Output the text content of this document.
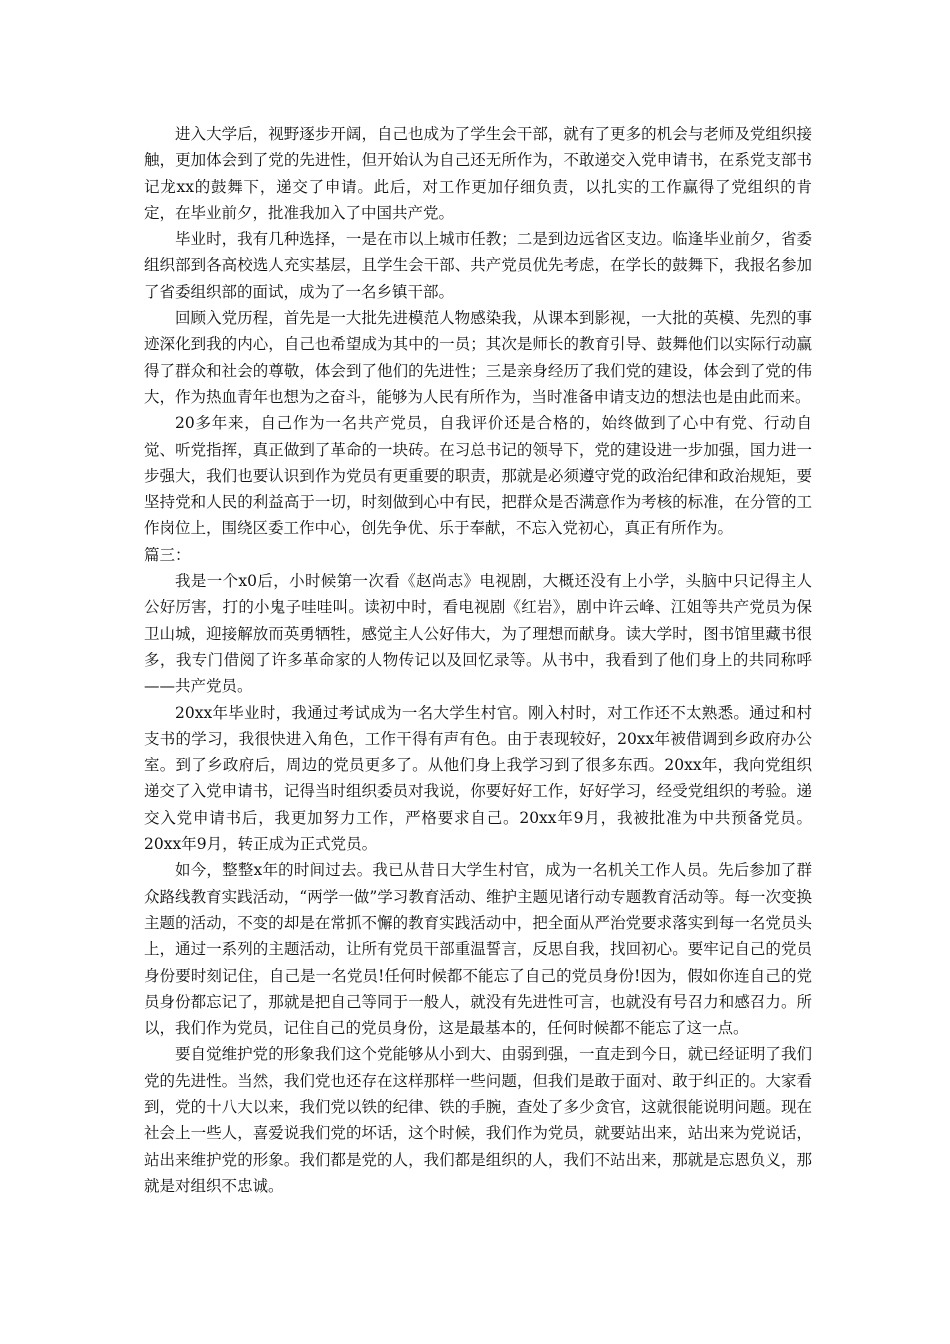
进入大学后，视野逐步开阔，自己也成为了学生会干部，就有了更多的机会与老师及党组织接触，更加体会到了党的先进性，但开始认为自己还无所作为，不敢递交入党申请书，在系党支部书记龙xx的鼓舞下，递交了申请。此后，对工作更加仔细负责，以扎实的工作赢得了党组织的肯定，在毕业前夕，批准我加入了中国共产党。

毕业时，我有几种选择，一是在市以上城市任教；二是到边远省区支边。临逢毕业前夕，省委组织部到各高校选人充实基层，且学生会干部、共产党员优先考虑，在学长的鼓舞下，我报名参加了省委组织部的面试，成为了一名乡镇干部。

回顾入党历程，首先是一大批先进模范人物感染我，从课本到影视，一大批的英模、先烈的事迹深化到我的内心，自己也希望成为其中的一员；其次是师长的教育引导、鼓舞他们以实际行动赢得了群众和社会的尊敬，体会到了他们的先进性；三是亲身经历了我们党的建设，体会到了党的伟大，作为热血青年也想为之奋斗，能够为人民有所作为，当时准备申请支边的想法也是由此而来。

20多年来，自己作为一名共产党员，自我评价还是合格的，始终做到了心中有党、行动自觉、听党指挥，真正做到了革命的一块砖。在习总书记的领导下，党的建设进一步加强，国力进一步强大，我们也要认识到作为党员有更重要的职责，那就是必须遵守党的政治纪律和政治规矩，要坚持党和人民的利益高于一切，时刻做到心中有民，把群众是否满意作为考核的标准，在分管的工作岗位上，围绕区委工作中心，创先争优、乐于奉献，不忘入党初心，真正有所作为。

篇三：

我是一个x0后，小时候第一次看《赵尚志》电视剧，大概还没有上小学，头脑中只记得主人公好厉害，打的小鬼子哇哇叫。读初中时，看电视剧《红岩》，剧中许云峰、江姐等共产党员为保卫山城，迎接解放而英勇牺牲，感觉主人公好伟大，为了理想而献身。读大学时，图书馆里藏书很多，我专门借阅了许多革命家的人物传记以及回忆录等。从书中，我看到了他们身上的共同称呼——共产党员。

20xx年毕业时，我通过考试成为一名大学生村官。刚入村时，对工作还不太熟悉。通过和村支书的学习，我很快进入角色，工作干得有声有色。由于表现较好，20xx年被借调到乡政府办公室。到了乡政府后，周边的党员更多了。从他们身上我学习到了很多东西。20xx年，我向党组织递交了入党申请书，记得当时组织委员对我说，你要好好工作，好好学习，经受党组织的考验。递交入党申请书后，我更加努力工作，严格要求自己。20xx年9月，我被批准为中共预备党员。20xx年9月，转正成为正式党员。

如今，整整x年的时间过去。我已从昔日大学生村官，成为一名机关工作人员。先后参加了群众路线教育实践活动，“两学一做”学习教育活动、维护主题见诸行动专题教育活动等。每一次变换主题的活动，不变的却是在常抓不懈的教育实践活动中，把全面从严治党要求落实到每一名党员头上，通过一系列的主题活动，让所有党员干部重温誓言，反思自我，找回初心。要牢记自己的党员身份要时刻记住，自己是一名党员!任何时候都不能忘了自己的党员身份!因为，假如你连自己的党员身份都忘记了，那就是把自己等同于一般人，就没有先进性可言，也就没有号召力和感召力。所以，我们作为党员，记住自己的党员身份，这是最基本的，任何时候都不能忘了这一点。

要自觉维护党的形象我们这个党能够从小到大、由弱到强，一直走到今日，就已经证明了我们党的先进性。当然，我们党也还存在这样那样一些问题，但我们是敢于面对、敢于纠正的。大家看到，党的十八大以来，我们党以铁的纪律、铁的手腕，查处了多少贪官，这就很能说明问题。现在社会上一些人，喜爱说我们党的坏话，这个时候，我们作为党员，就要站出来，站出来为党说话，站出来维护党的形象。我们都是党的人，我们都是组织的人，我们不站出来，那就是忘恩负义，那就是对组织不忠诚。
